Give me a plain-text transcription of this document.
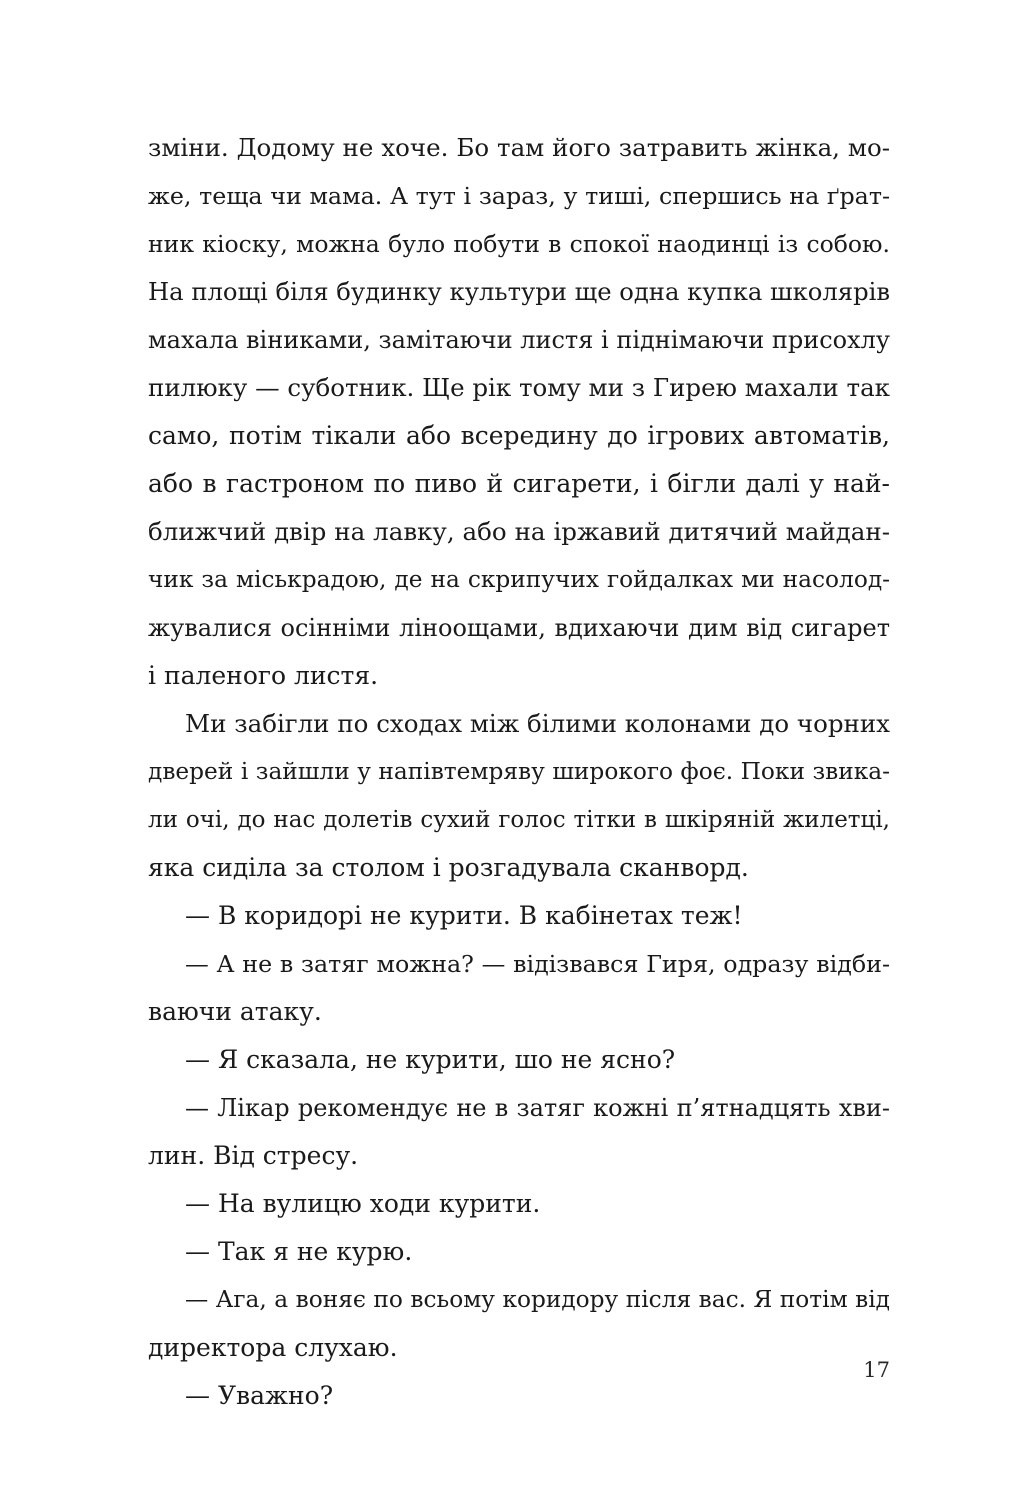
зміни. Додому не хоче. Бо там його затравить жінка, мо-
же, теща чи мама. А тут і зараз, у тиші, спершись на ґрат-
ник кіоску, можна було побути в спокої наодинці із собою.
На площі біля будинку культури ще одна купка школярів
махала віниками, замітаючи листя і піднімаючи присохлу
пилюку — суботник. Ще рік тому ми з Гирею махали так
само, потім тікали або всередину до ігрових автоматів,
або в гастроном по пиво й сигарети, і бігли далі у най-
ближчий двір на лавку, або на іржавий дитячий майдан-
чик за міськрадою, де на скрипучих гойдалках ми насолод-
жувалися осінніми ліноощами, вдихаючи дим від сигарет
і паленого листя.
Ми забігли по сходах між білими колонами до чорних
дверей і зайшли у напівтемряву широкого фоє. Поки звика-
ли очі, до нас долетів сухий голос тітки в шкіряній жилетці,
яка сиділа за столом і розгадувала сканворд.
— В коридорі не курити. В кабінетах теж!
— А не в затяг можна? — відізвався Гиря, одразу відби-
ваючи атаку.
— Я сказала, не курити, шо не ясно?
— Лікар рекомендує не в затяг кожні п’ятнадцять хви-
лин. Від стресу.
— На вулицю ходи курити.
— Так я не курю.
— Ага, а воняє по всьому коридору після вас. Я потім від
директора слухаю.
— Уважно?
17
